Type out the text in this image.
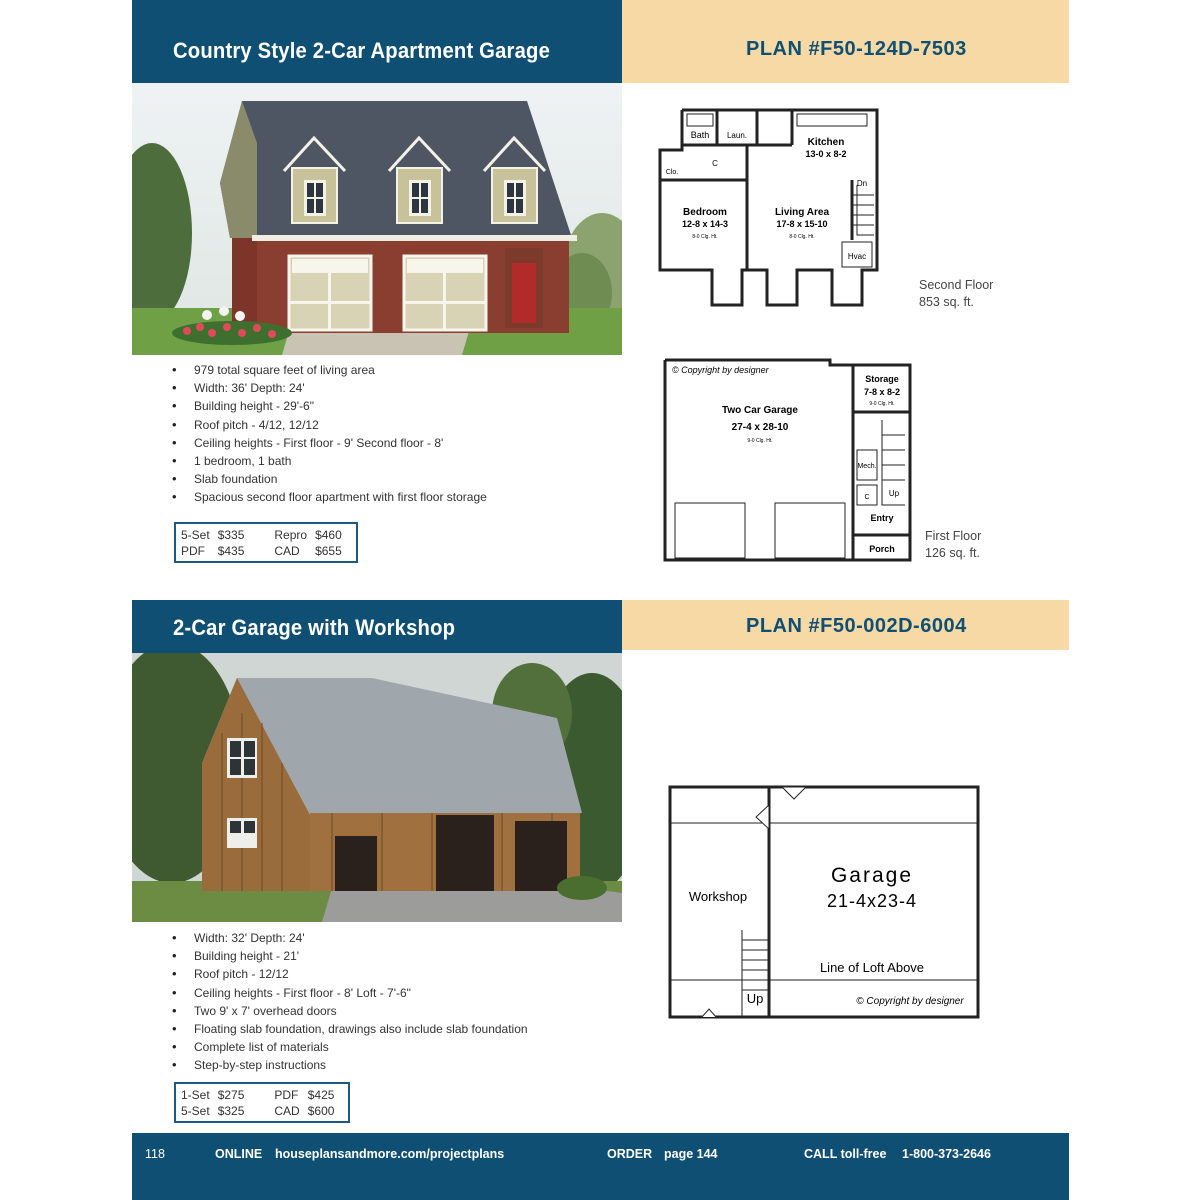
Country Style 2-Car Apartment Garage	PLAN #F50-124D-7503
• 979 total square feet of living area
• Width: 36' Depth: 24'
• Building height - 29'-6"
• Roof pitch - 4/12, 12/12
• Ceiling heights - First floor - 9' Second floor - 8'
• 1 bedroom, 1 bath
• Slab foundation
• Spacious second floor apartment with first floor storage
5-Set	$335	Repro	$460
PDF	$435	CAD	$655
Bath Laun.
Kitchen
13-0 x 8-2
Clo.
C
Dn
Bedroom
12-8 x 14-3
8-0 Clg. Ht.
Living Area
17-8 x 15-10
8-0 Clg. Ht.
Hvac
Second Floor
853 sq. ft.
© Copyright by designer
Two Car Garage
27-4 x 28-10
9-0 Clg. Ht.
Storage
7-8 x 8-2
9-0 Clg. Ht.
Mech.
C Up
Entry
Porch
First Floor
126 sq. ft.
2-Car Garage with Workshop	PLAN #F50-002D-6004
• Width: 32' Depth: 24'
• Building height - 21'
• Roof pitch - 12/12
• Ceiling heights - First floor - 8' Loft - 7'-6"
• Two 9' x 7' overhead doors
• Floating slab foundation, drawings also include slab foundation
• Complete list of materials
• Step-by-step instructions
1-Set	$275	PDF	$425
5-Set	$325	CAD	$600
Garage
21-4x23-4
Workshop
Line of Loft Above
Up	© Copyright by designer
118	ONLINE houseplansandmore.com/projectplans	ORDER page 144	CALL toll-free 1-800-373-2646
